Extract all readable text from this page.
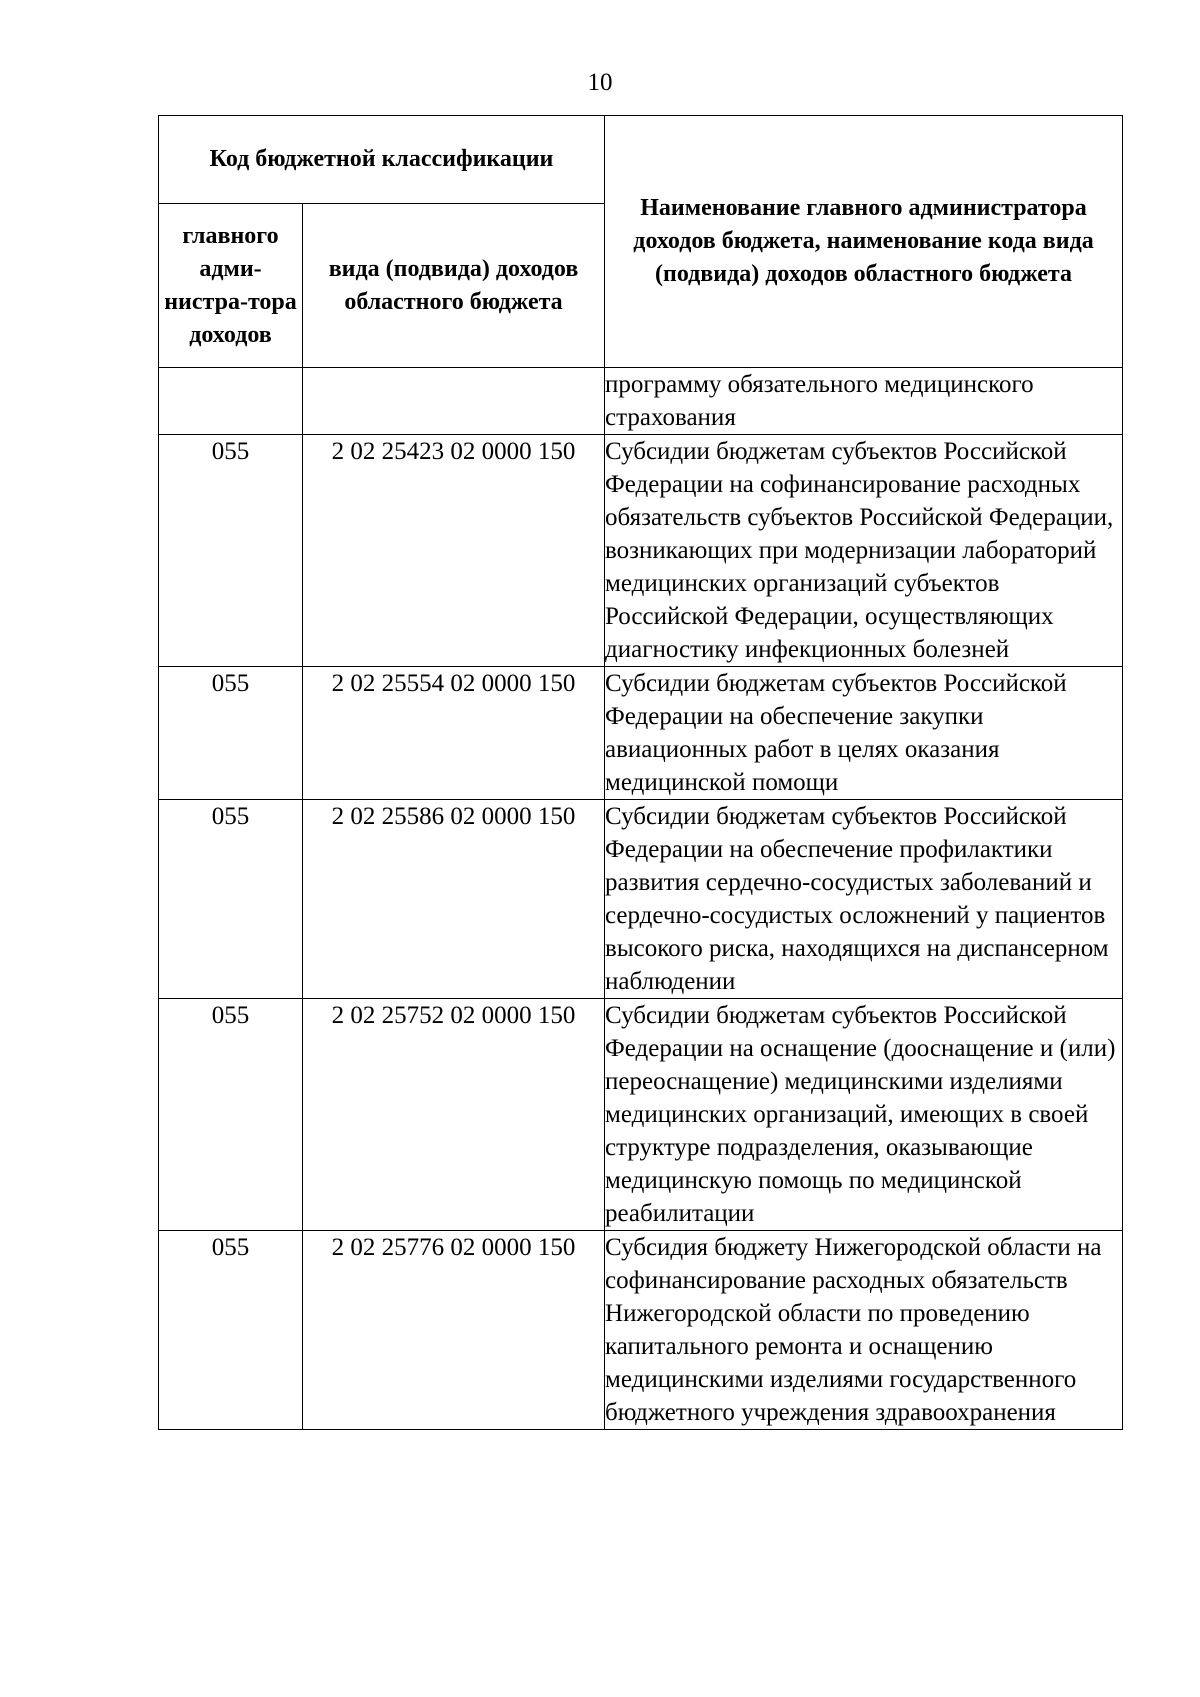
10
Код бюджетной классификации		Наименование главного администратора доходов бюджета, наименование кода вида (подвида) доходов областного бюджета

главного адми-нистра-тора доходов	вида (подвида) доходов областного бюджета	

		программу обязательного медицинского страхования
055	2 02 25423 02 0000 150	Субсидии бюджетам субъектов Российской Федерации на софинансирование расходных обязательств субъектов Российской Федерации, возникающих при модернизации лабораторий медицинских организаций субъектов Российской Федерации, осуществляющих диагностику инфекционных болезней
055	2 02 25554 02 0000 150	Субсидии бюджетам субъектов Российской Федерации на обеспечение закупки авиационных работ в целях оказания медицинской помощи
055	2 02 25586 02 0000 150	Субсидии бюджетам субъектов Российской Федерации на обеспечение профилактики развития сердечно-сосудистых заболеваний и сердечно-сосудистых осложнений у пациентов высокого риска, находящихся на диспансерном наблюдении
055	2 02 25752 02 0000 150	Субсидии бюджетам субъектов Российской Федерации на оснащение (дооснащение и (или) переоснащение) медицинскими изделиями медицинских организаций, имеющих в своей структуре подразделения, оказывающие медицинскую помощь по медицинской реабилитации
055	2 02 25776 02 0000 150	Субсидия бюджету Нижегородской области на софинансирование расходных обязательств Нижегородской области по проведению капитального ремонта и оснащению медицинскими изделиями государственного бюджетного учреждения здравоохранения
